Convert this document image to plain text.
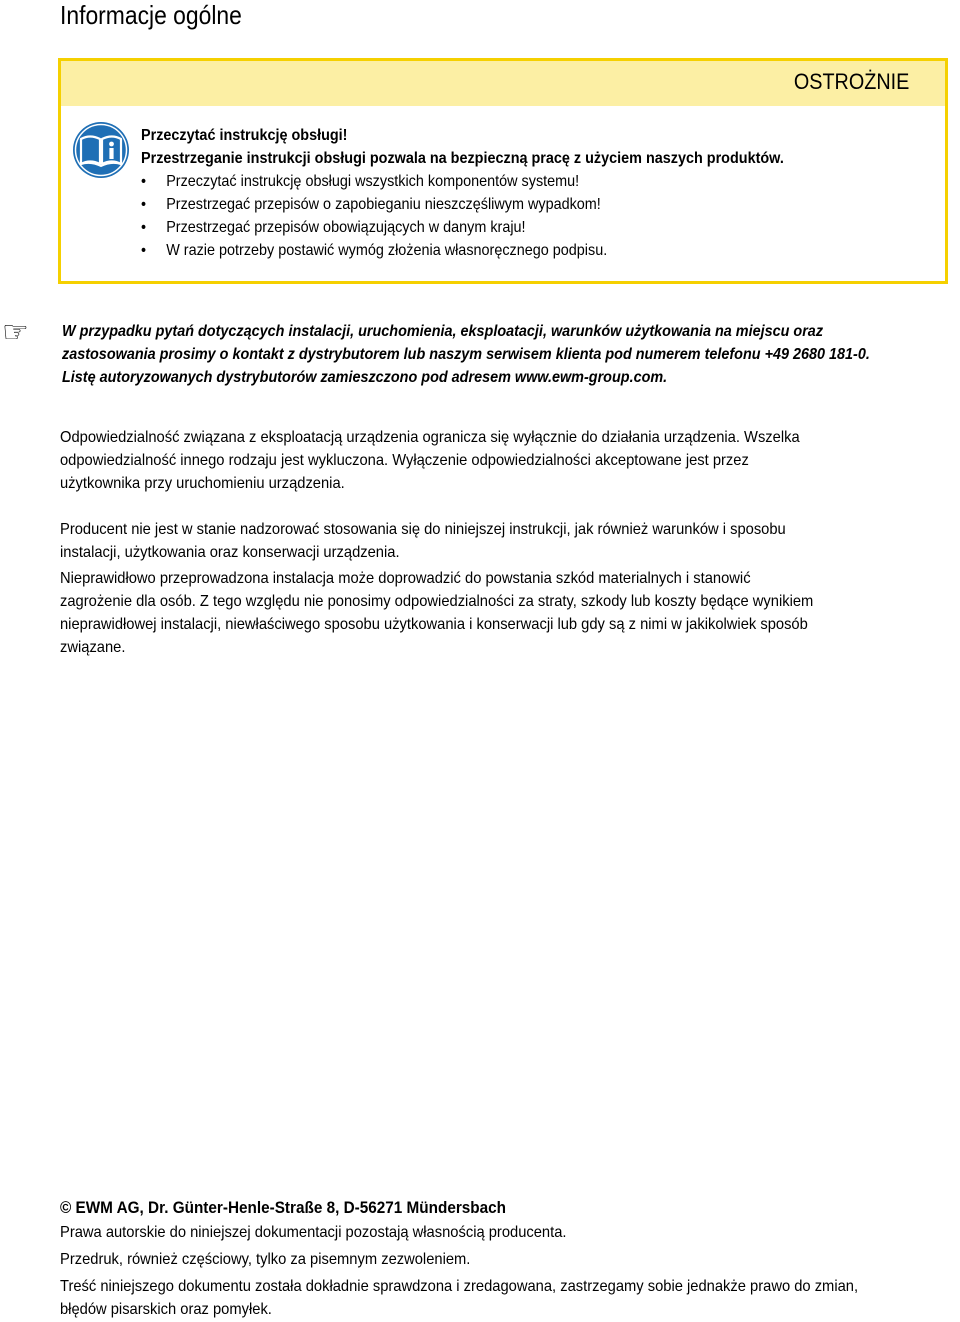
Informacje ogólne
OSTROŻNIE
Przeczytać instrukcję obsługi!
Przestrzeganie instrukcji obsługi pozwala na bezpieczną pracę z użyciem naszych produktów.
• Przeczytać instrukcję obsługi wszystkich komponentów systemu!
• Przestrzegać przepisów o zapobieganiu nieszczęśliwym wypadkom!
• Przestrzegać przepisów obowiązujących w danym kraju!
• W razie potrzeby postawić wymóg złożenia własnoręcznego podpisu.
☞ W przypadku pytań dotyczących instalacji, uruchomienia, eksploatacji, warunków użytkowania na miejscu oraz
zastosowania prosimy o kontakt z dystrybutorem lub naszym serwisem klienta pod numerem telefonu +49 2680 181-0.
Listę autoryzowanych dystrybutorów zamieszczono pod adresem www.ewm-group.com.
Odpowiedzialność związana z eksploatacją urządzenia ogranicza się wyłącznie do działania urządzenia. Wszelka
odpowiedzialność innego rodzaju jest wykluczona. Wyłączenie odpowiedzialności akceptowane jest przez
użytkownika przy uruchomieniu urządzenia.
Producent nie jest w stanie nadzorować stosowania się do niniejszej instrukcji, jak również warunków i sposobu
instalacji, użytkowania oraz konserwacji urządzenia.
Nieprawidłowo przeprowadzona instalacja może doprowadzić do powstania szkód materialnych i stanowić
zagrożenie dla osób. Z tego względu nie ponosimy odpowiedzialności za straty, szkody lub koszty będące wynikiem
nieprawidłowej instalacji, niewłaściwego sposobu użytkowania i konserwacji lub gdy są z nimi w jakikolwiek sposób
związane.
© EWM AG, Dr. Günter-Henle-Straße 8, D-56271 Mündersbach
Prawa autorskie do niniejszej dokumentacji pozostają własnością producenta.
Przedruk, również częściowy, tylko za pisemnym zezwoleniem.
Treść niniejszego dokumentu została dokładnie sprawdzona i zredagowana, zastrzegamy sobie jednakże prawo do zmian,
błędów pisarskich oraz pomyłek.
